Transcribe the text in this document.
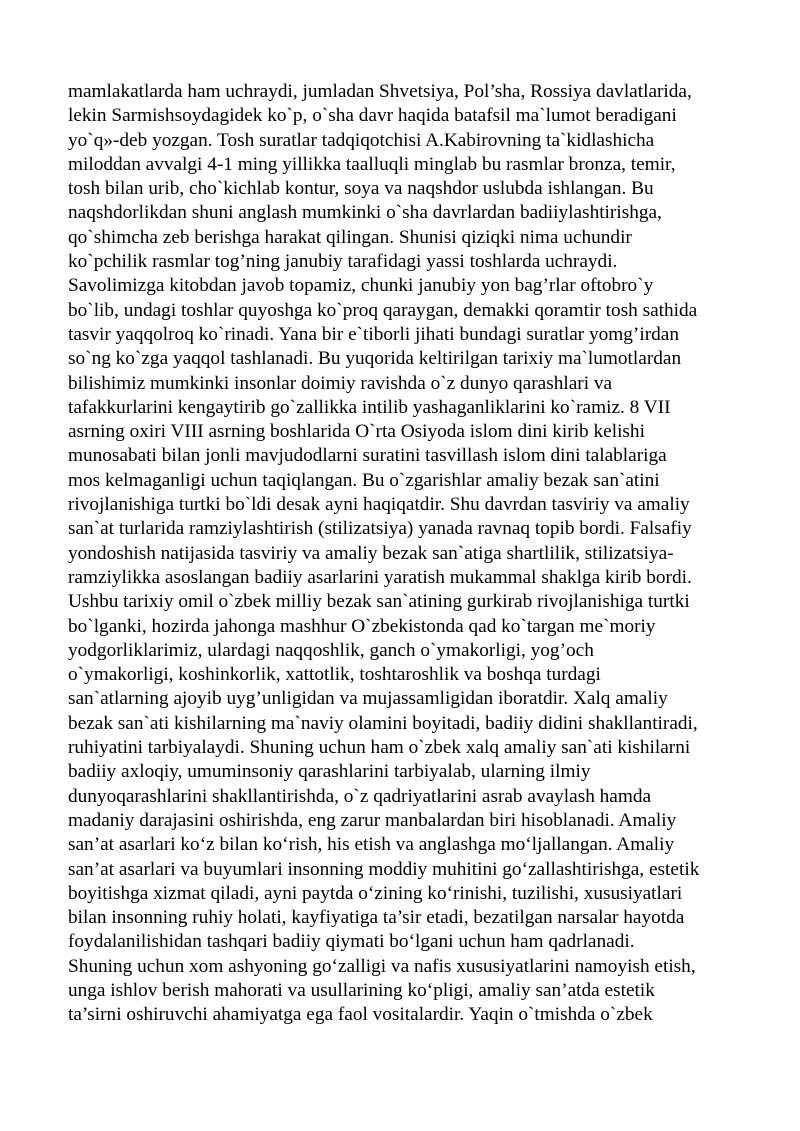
mamlakatlarda ham uchraydi, jumladan Shvetsiya, Pol’sha, Rossiya davlatlarida,
lekin Sarmishsoydagidek ko`p, o`sha davr haqida batafsil ma`lumot beradigani
yo`q»-deb yozgan. Tosh suratlar tadqiqotchisi A.Kabirovning ta`kidlashicha
miloddan avvalgi 4-1 ming yillikka taalluqli minglab bu rasmlar bronza, temir,
tosh bilan urib, cho`kichlab kontur, soya va naqshdor uslubda ishlangan. Bu
naqshdorlikdan shuni anglash mumkinki o`sha davrlardan badiiylashtirishga,
qo`shimcha zeb berishga harakat qilingan. Shunisi qiziqki nima uchundir
ko`pchilik rasmlar tog’ning janubiy tarafidagi yassi toshlarda uchraydi.
Savolimizga kitobdan javob topamiz, chunki janubiy yon bag’rlar oftobro`y
bo`lib, undagi toshlar quyoshga ko`proq qaraygan, demakki qoramtir tosh sathida
tasvir yaqqolroq ko`rinadi. Yana bir e`tiborli jihati bundagi suratlar yomg’irdan
so`ng ko`zga yaqqol tashlanadi. Bu yuqorida keltirilgan tarixiy ma`lumotlardan
bilishimiz mumkinki insonlar doimiy ravishda o`z dunyo qarashlari va
tafakkurlarini kengaytirib go`zallikka intilib yashaganliklarini ko`ramiz. 8 VII
asrning oxiri VIII asrning boshlarida O`rta Osiyoda islom dini kirib kelishi
munosabati bilan jonli mavjudodlarni suratini tasvillash islom dini talablariga
mos kelmaganligi uchun taqiqlangan. Bu o`zgarishlar amaliy bezak san`atini
rivojlanishiga turtki bo`ldi desak ayni haqiqatdir. Shu davrdan tasviriy va amaliy
san`at turlarida ramziylashtirish (stilizatsiya) yanada ravnaq topib bordi. Falsafiy
yondoshish natijasida tasviriy va amaliy bezak san`atiga shartlilik, stilizatsiya-
ramziylikka asoslangan badiiy asarlarini yaratish mukammal shaklga kirib bordi.
Ushbu tarixiy omil o`zbek milliy bezak san`atining gurkirab rivojlanishiga turtki
bo`lganki, hozirda jahonga mashhur O`zbekistonda qad ko`targan me`moriy
yodgorliklarimiz, ulardagi naqqoshlik, ganch o`ymakorligi, yog’och
o`ymakorligi, koshinkorlik, xattotlik, toshtaroshlik va boshqa turdagi
san`atlarning ajoyib uyg’unligidan va mujassamligidan iboratdir. Xalq amaliy
bezak san`ati kishilarning ma`naviy olamini boyitadi, badiiy didini shakllantiradi,
ruhiyatini tarbiyalaydi. Shuning uchun ham o`zbek xalq amaliy san`ati kishilarni
badiiy axloqiy, umuminsoniy qarashlarini tarbiyalab, ularning ilmiy
dunyoqarashlarini shakllantirishda, o`z qadriyatlarini asrab avaylash hamda
madaniy darajasini oshirishda, eng zarur manbalardan biri hisoblanadi. Amaliy
san’at asarlari ko‘z bilan ko‘rish, his etish va anglashga mo‘ljallangan. Amaliy
san’at asarlari va buyumlari insonning moddiy muhitini go‘zallashtirishga, estetik
boyitishga xizmat qiladi, ayni paytda o‘zining ko‘rinishi, tuzilishi, xususiyatlari
bilan insonning ruhiy holati, kayfiyatiga ta’sir etadi, bezatilgan narsalar hayotda
foydalanilishidan tashqari badiiy qiymati bo‘lgani uchun ham qadrlanadi.
Shuning uchun xom ashyoning go‘zalligi va nafis xususiyatlarini namoyish etish,
unga ishlov berish mahorati va usullarining ko‘pligi, amaliy san’atda estetik
ta’sirni oshiruvchi ahamiyatga ega faol vositalardir. Yaqin o`tmishda o`zbek
